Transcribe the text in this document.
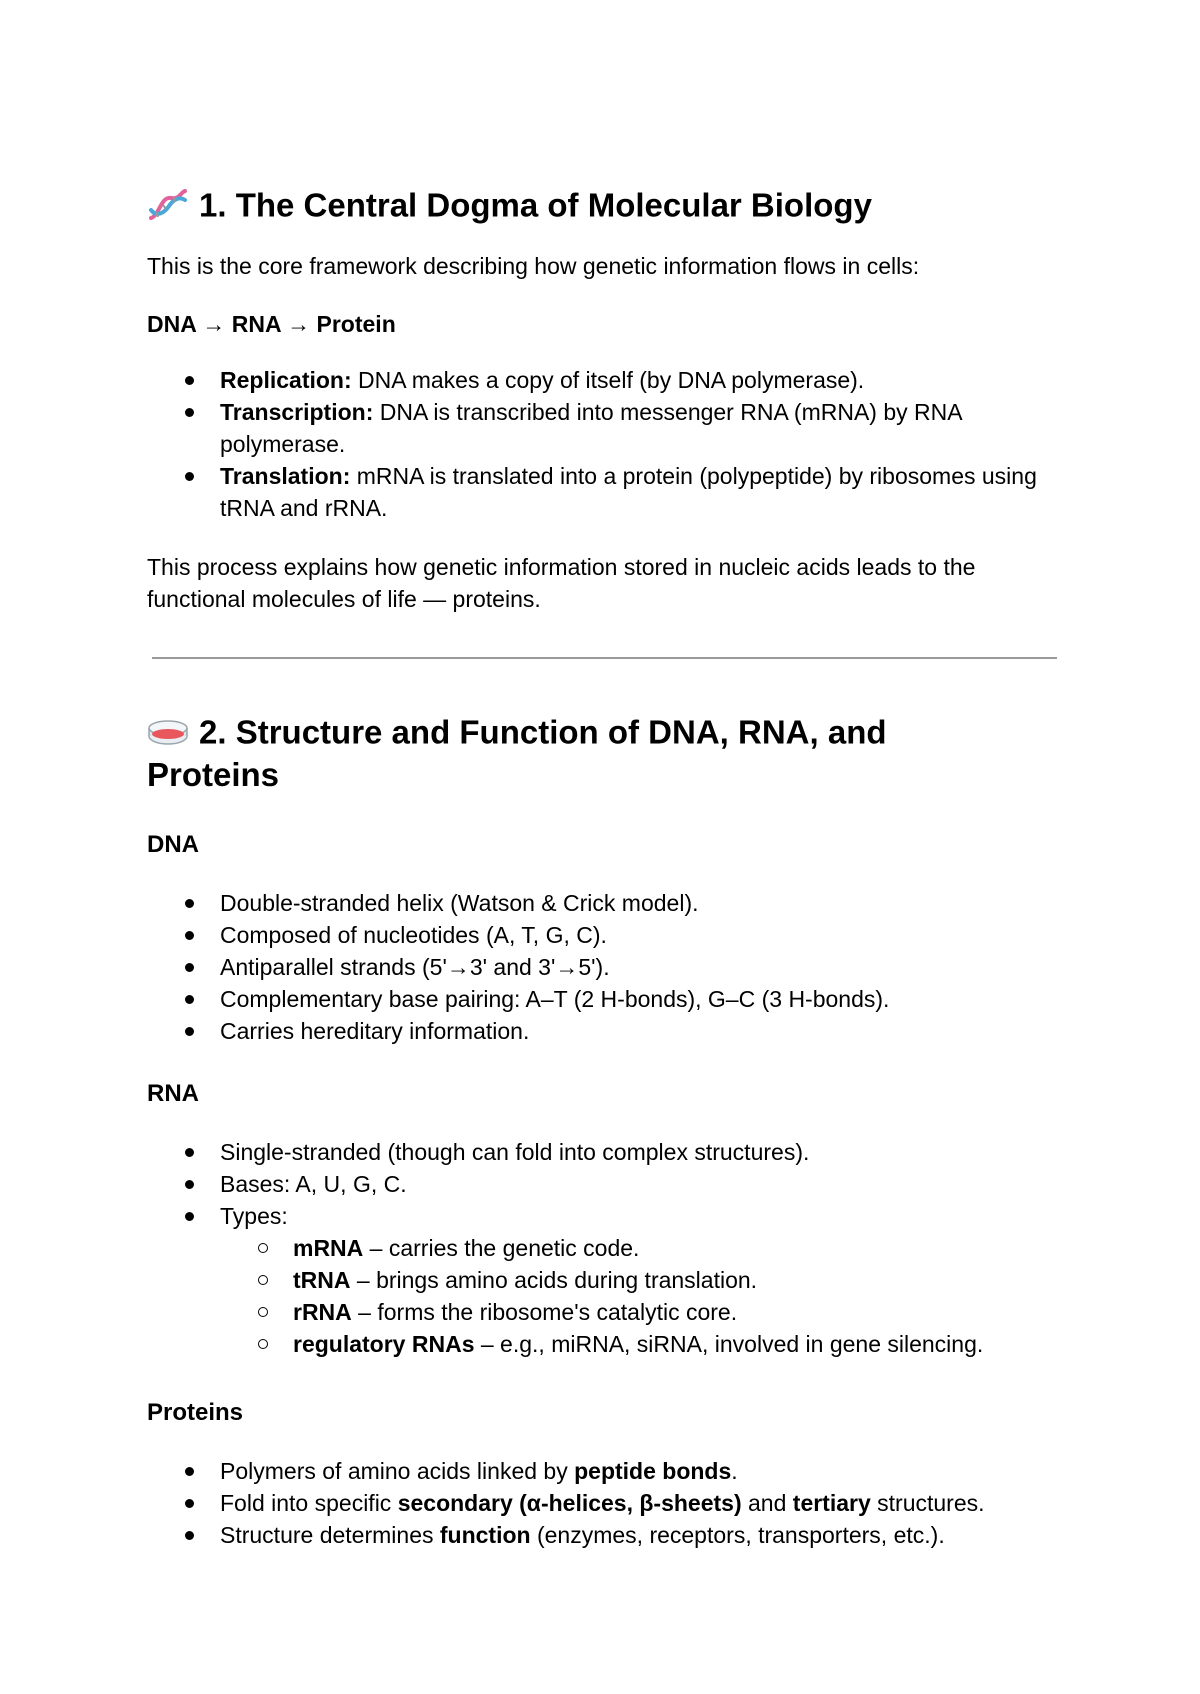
1. The Central Dogma of Molecular Biology

This is the core framework describing how genetic information flows in cells:

DNA → RNA → Protein

Replication: DNA makes a copy of itself (by DNA polymerase).
Transcription: DNA is transcribed into messenger RNA (mRNA) by RNA polymerase.
Translation: mRNA is translated into a protein (polypeptide) by ribosomes using tRNA and rRNA.

This process explains how genetic information stored in nucleic acids leads to the functional molecules of life — proteins.

2. Structure and Function of DNA, RNA, and
Proteins

DNA

Double-stranded helix (Watson & Crick model).
Composed of nucleotides (A, T, G, C).
Antiparallel strands (5'→3' and 3'→5').
Complementary base pairing: A–T (2 H-bonds), G–C (3 H-bonds).
Carries hereditary information.

RNA

Single-stranded (though can fold into complex structures).
Bases: A, U, G, C.
Types:
mRNA – carries the genetic code.
tRNA – brings amino acids during translation.
rRNA – forms the ribosome's catalytic core.
regulatory RNAs – e.g., miRNA, siRNA, involved in gene silencing.

Proteins

Polymers of amino acids linked by peptide bonds.
Fold into specific secondary (α-helices, β-sheets) and tertiary structures.
Structure determines function (enzymes, receptors, transporters, etc.).
